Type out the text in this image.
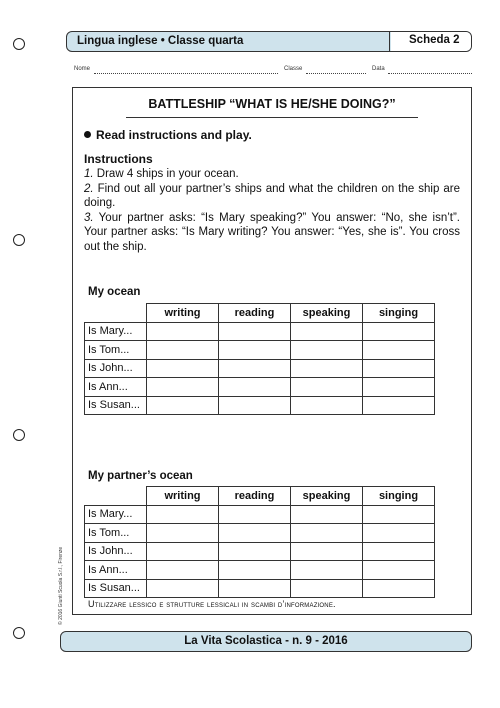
Lingua inglese • Classe quarta	Scheda 2
Nome	Classe	Data
BATTLESHIP “WHAT IS HE/SHE DOING?”
Read instructions and play.
Instructions

1. Draw 4 ships in your ocean.

2. Find out all your partner’s ships and what the children on the ship are doing.

3. Your partner asks: “Is Mary speaking?” You answer: “No, she isn’t”. Your partner asks: “Is Mary writing? You answer: “Yes, she is”. You cross out the ship.

My ocean
	writing	reading	speaking	singing
Is Mary...				
Is Tom...				
Is John...				
Is Ann...				
Is Susan...				
My partner’s ocean
	writing	reading	speaking	singing
Is Mary...				
Is Tom...				
Is John...				
Is Ann...				
Is Susan...				
Utilizzare lessico e strutture lessicali in scambi d’informazione.
© 2016 Giunti Scuola S.r.l., Firenze
La Vita Scolastica - n. 9 - 2016
